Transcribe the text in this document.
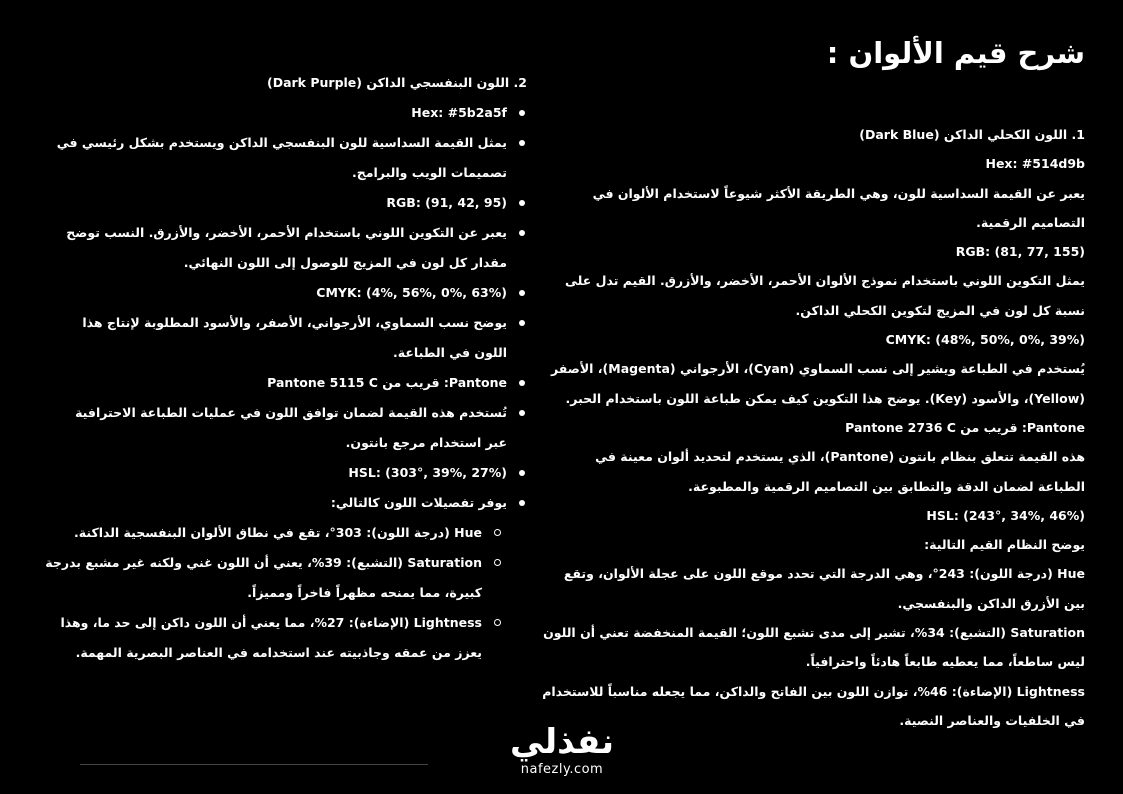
شرح قيم الألوان :
1. اللون الكحلي الداكن (Dark Blue)
Hex: #514d9b
يعبر عن القيمة السداسية للون، وهي الطريقة الأكثر شيوعاً لاستخدام الألوان في
التصاميم الرقمية.
RGB: (81, 77, 155)
يمثل التكوين اللوني باستخدام نموذج الألوان الأحمر، الأخضر، والأزرق. القيم تدل على
نسبة كل لون في المزيج لتكوين الكحلي الداكن.
CMYK: (48%, 50%, 0%, 39%)
يُستخدم في الطباعة ويشير إلى نسب السماوي (Cyan)، الأرجواني (Magenta)، الأصفر
(Yellow)، والأسود (Key). يوضح هذا التكوين كيف يمكن طباعة اللون باستخدام الحبر.
Pantone: قريب من Pantone 2736 C
هذه القيمة تتعلق بنظام بانتون (Pantone)، الذي يستخدم لتحديد ألوان معينة في
الطباعة لضمان الدقة والتطابق بين التصاميم الرقمية والمطبوعة.
HSL: (243°, 34%, 46%)
يوضح النظام القيم التالية:
Hue (درجة اللون): 243°، وهي الدرجة التي تحدد موقع اللون على عجلة الألوان، وتقع
بين الأزرق الداكن والبنفسجي.
Saturation (التشبع): 34%، تشير إلى مدى تشبع اللون؛ القيمة المنخفضة تعني أن اللون
ليس ساطعاً، مما يعطيه طابعاً هادئاً واحترافياً.
Lightness (الإضاءة): 46%، توازن اللون بين الفاتح والداكن، مما يجعله مناسباً للاستخدام
في الخلفيات والعناصر النصية.
2. اللون البنفسجي الداكن (Dark Purple)
Hex: #5b2a5f
يمثل القيمة السداسية للون البنفسجي الداكن ويستخدم بشكل رئيسي في
تصميمات الويب والبرامج.
RGB: (91, 42, 95)
يعبر عن التكوين اللوني باستخدام الأحمر، الأخضر، والأزرق. النسب توضح
مقدار كل لون في المزيج للوصول إلى اللون النهائي.
CMYK: (4%, 56%, 0%, 63%)
يوضح نسب السماوي، الأرجواني، الأصفر، والأسود المطلوبة لإنتاج هذا
اللون في الطباعة.
Pantone: قريب من Pantone 5115 C
تُستخدم هذه القيمة لضمان توافق اللون في عمليات الطباعة الاحترافية
عبر استخدام مرجع بانتون.
HSL: (303°, 39%, 27%)
يوفر تفصيلات اللون كالتالي:
Hue (درجة اللون): 303°، تقع في نطاق الألوان البنفسجية الداكنة.
Saturation (التشبع): 39%، يعني أن اللون غني ولكنه غير مشبع بدرجة
كبيرة، مما يمنحه مظهراً فاخراً ومميزاً.
Lightness (الإضاءة): 27%، مما يعني أن اللون داكن إلى حد ما، وهذا
يعزز من عمقه وجاذبيته عند استخدامه في العناصر البصرية المهمة.
نفذلي
nafezly.com
